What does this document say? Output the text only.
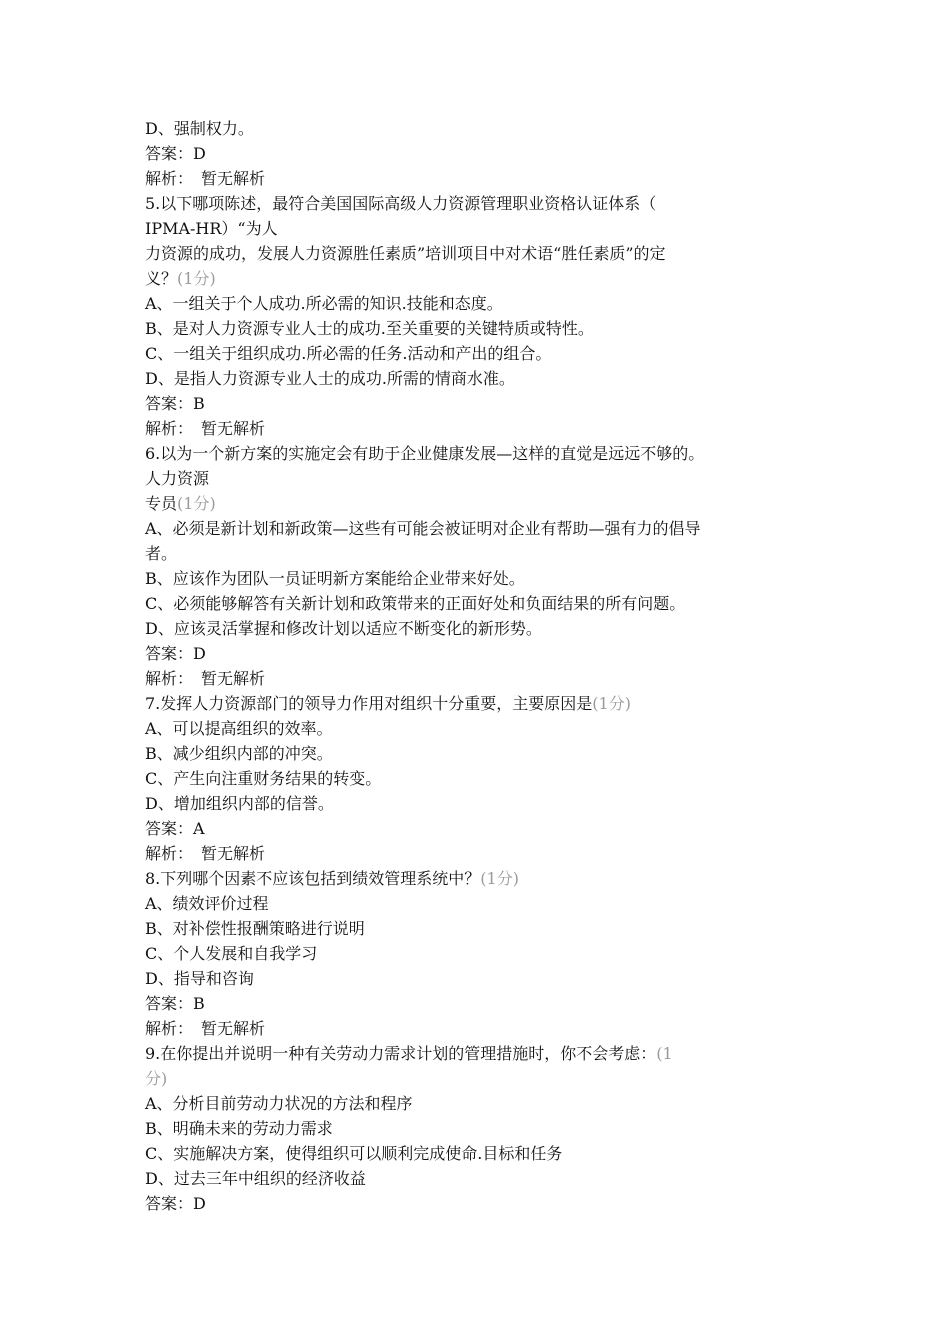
D、强制权力。
答案：D
解析：　暂无解析
5.以下哪项陈述，最符合美国国际高级人力资源管理职业资格认证体系（
IPMA-HR）“为人
力资源的成功，发展人力资源胜任素质”培训项目中对术语“胜任素质”的定
义？(1分)
A、一组关于个人成功.所必需的知识.技能和态度。
B、是对人力资源专业人士的成功.至关重要的关键特质或特性。
C、一组关于组织成功.所必需的任务.活动和产出的组合。
D、是指人力资源专业人士的成功.所需的情商水准。
答案：B
解析：　暂无解析
6.以为一个新方案的实施定会有助于企业健康发展—这样的直觉是远远不够的。
人力资源
专员(1分)
A、必须是新计划和新政策—这些有可能会被证明对企业有帮助—强有力的倡导
者。
B、应该作为团队一员证明新方案能给企业带来好处。
C、必须能够解答有关新计划和政策带来的正面好处和负面结果的所有问题。
D、应该灵活掌握和修改计划以适应不断变化的新形势。
答案：D
解析：　暂无解析
7.发挥人力资源部门的领导力作用对组织十分重要，主要原因是(1分)
A、可以提高组织的效率。
B、减少组织内部的冲突。
C、产生向注重财务结果的转变。
D、增加组织内部的信誉。
答案：A
解析：　暂无解析
8.下列哪个因素不应该包括到绩效管理系统中？(1分)
A、绩效评价过程
B、对补偿性报酬策略进行说明
C、个人发展和自我学习
D、指导和咨询
答案：B
解析：　暂无解析
9.在你提出并说明一种有关劳动力需求计划的管理措施时，你不会考虑：(1
分)
A、分析目前劳动力状况的方法和程序
B、明确未来的劳动力需求
C、实施解决方案，使得组织可以顺利完成使命.目标和任务
D、过去三年中组织的经济收益
答案：D
